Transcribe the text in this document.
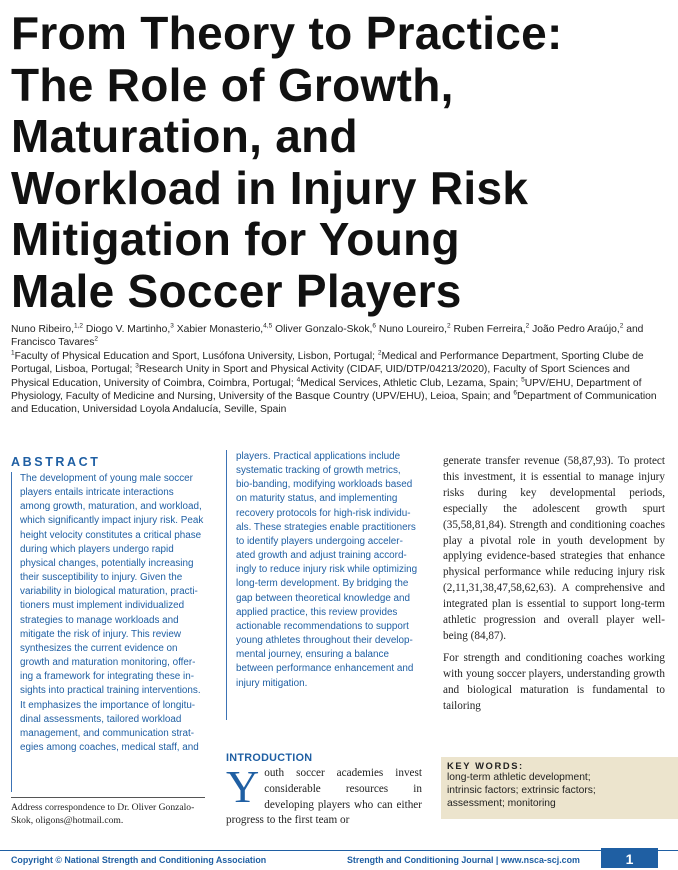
From Theory to Practice:
The Role of Growth,
Maturation, and
Workload in Injury Risk
Mitigation for Young
Male Soccer Players
Nuno Ribeiro,$^{1,2}$ Diogo V. Martinho,$^3$ Xabier Monasterio,$^{4,5}$ Oliver Gonzalo-Skok,$^6$ Nuno Loureiro,$^2$ Ruben Ferreira,$^2$ João Pedro Araújo,$^2$ and Francisco Tavares$^2$
$^1$Faculty of Physical Education and Sport, Lusófona University, Lisbon, Portugal; $^2$Medical and Performance Department, Sporting Clube de Portugal, Lisboa, Portugal; $^3$Research Unity in Sport and Physical Activity (CIDAF, UID/DTP/04213/2020), Faculty of Sport Sciences and Physical Education, University of Coimbra, Coimbra, Portugal; $^4$Medical Services, Athletic Club, Lezama, Spain; $^5$UPV/EHU, Department of Physiology, Faculty of Medicine and Nursing, University of the Basque Country (UPV/EHU), Leioa, Spain; and $^6$Department of Communication and Education, Universidad Loyola Andalucía, Seville, Spain
ABSTRACT
The development of young male soccer
players entails intricate interactions
among growth, maturation, and workload,
which significantly impact injury risk. Peak
height velocity constitutes a critical phase
during which players undergo rapid
physical changes, potentially increasing
their susceptibility to injury. Given the
variability in biological maturation, practi-
tioners must implement individualized
strategies to manage workloads and
mitigate the risk of injury. This review
synthesizes the current evidence on
growth and maturation monitoring, offer-
ing a framework for integrating these in-
sights into practical training interventions.
It emphasizes the importance of longitu-
dinal assessments, tailored workload
management, and communication strat-
egies among coaches, medical staff, and
players. Practical applications include
systematic tracking of growth metrics,
bio-banding, modifying workloads based
on maturity status, and implementing
recovery protocols for high-risk individu-
als. These strategies enable practitioners
to identify players undergoing acceler-
ated growth and adjust training accord-
ingly to reduce injury risk while optimizing
long-term development. By bridging the
gap between theoretical knowledge and
applied practice, this review provides
actionable recommendations to support
young athletes throughout their develop-
mental journey, ensuring a balance
between performance enhancement and
injury mitigation.
Address correspondence to Dr. Oliver Gonzalo-Skok, oligons@hotmail.com.
INTRODUCTION
Youth soccer academies invest considerable resources in developing players who can either progress to the first team or

generate transfer revenue (58,87,93). To protect this investment, it is essential to manage injury risks during key developmental periods, especially the adolescent growth spurt (35,58,81,84). Strength and conditioning coaches play a pivotal role in youth development by applying evidence-based strategies that enhance physical performance while reducing injury risk (2,11,31,38,47,58,62,63). A comprehensive and integrated plan is essential to support long-term athletic progression and overall player well-being (84,87).

For strength and conditioning coaches working with young soccer players, understanding growth and biological maturation is fundamental to tailoring

KEY WORDS:
long-term athletic development;
intrinsic factors; extrinsic factors;
assessment; monitoring
Copyright © National Strength and Conditioning Association	Strength and Conditioning Journal | www.nsca-scj.com	1
